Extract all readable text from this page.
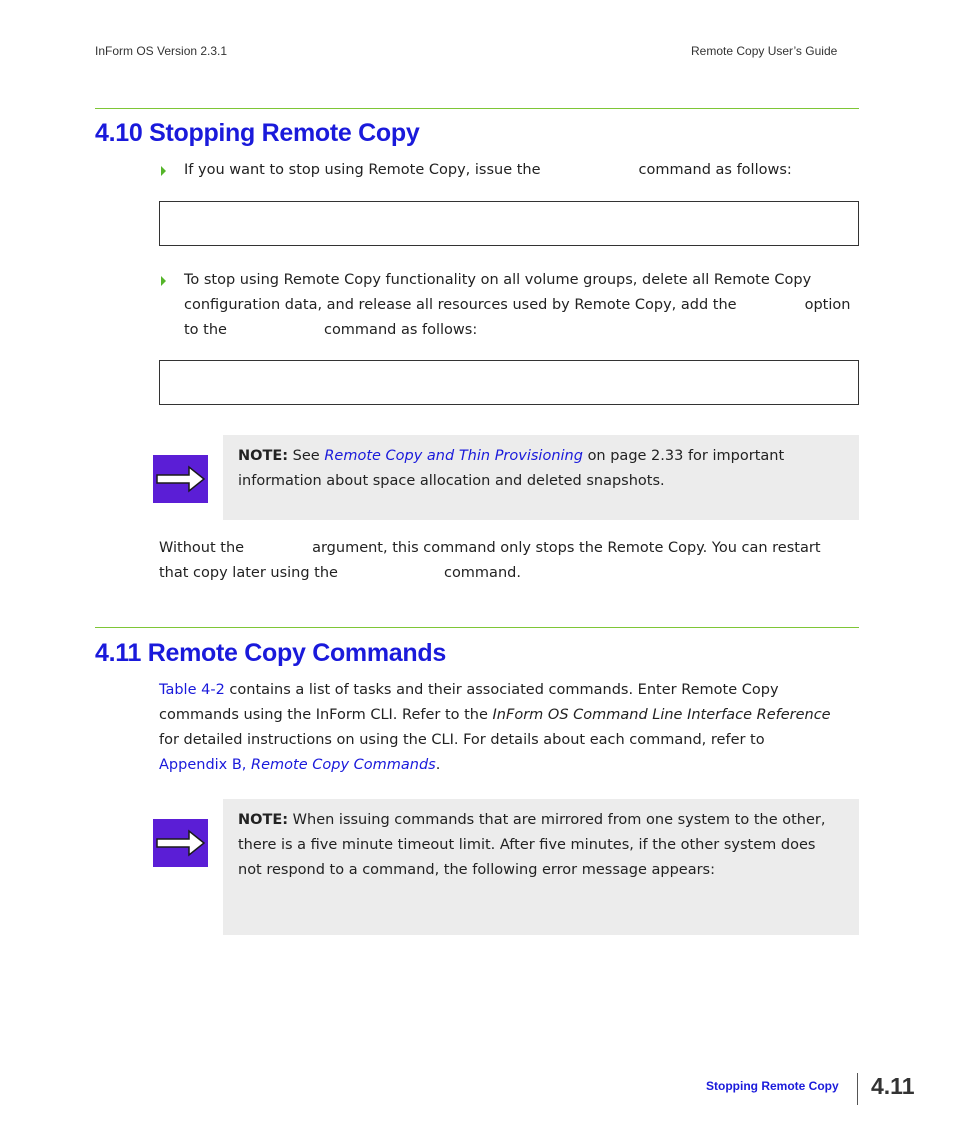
InForm OS Version 2.3.1	Remote Copy User’s Guide
4.10 Stopping Remote Copy
If you want to stop using Remote Copy, issue the	command as follows:
To stop using Remote Copy functionality on all volume groups, delete all Remote Copy
configuration data, and release all resources used by Remote Copy, add the	option
to the	command as follows:
NOTE: See Remote Copy and Thin Provisioning on page 2.33 for important
information about space allocation and deleted snapshots.
Without the	argument, this command only stops the Remote Copy. You can restart
that copy later using the	command.
4.11 Remote Copy Commands
Table 4-2 contains a list of tasks and their associated commands. Enter Remote Copy
commands using the InForm CLI. Refer to the InForm OS Command Line Interface Reference
for detailed instructions on using the CLI. For details about each command, refer to
Appendix B, Remote Copy Commands.
NOTE: When issuing commands that are mirrored from one system to the other,
there is a five minute timeout limit. After five minutes, if the other system does
not respond to a command, the following error message appears:
Stopping Remote Copy 4.11
